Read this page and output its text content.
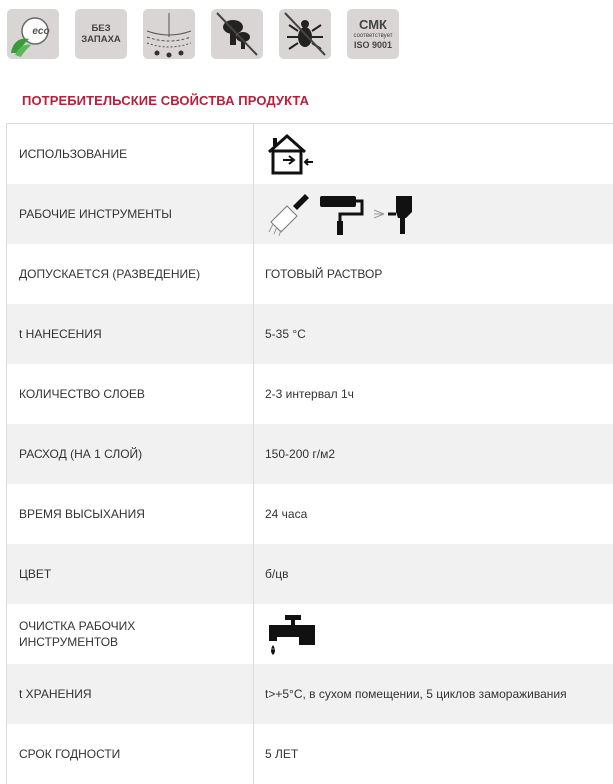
eco	БЕЗ
ЗАПАХА
СМК
соответствует
ISO 9001
ПОТРЕБИТЕЛЬСКИЕ СВОЙСТВА ПРОДУКТА
ИСПОЛЬЗОВАНИЕ	
РАБОЧИЕ ИНСТРУМЕНТЫ	
ДОПУСКАЕТСЯ (РАЗВЕДЕНИЕ)	ГОТОВЫЙ РАСТВОР
t НАНЕСЕНИЯ	5-35 °С
КОЛИЧЕСТВО СЛОЕВ	2-3 интервал 1ч
РАСХОД (НА 1 СЛОЙ)	150-200 г/м2
ВРЕМЯ ВЫСЫХАНИЯ	24 часа
ЦВЕТ	б/цв

ОЧИСТКА РАБОЧИХ
ИНСТРУМЕНТОВ

t ХРАНЕНИЯ	t>+5°С, в сухом помещении, 5 циклов замораживания
СРОК ГОДНОСТИ	5 ЛЕТ
